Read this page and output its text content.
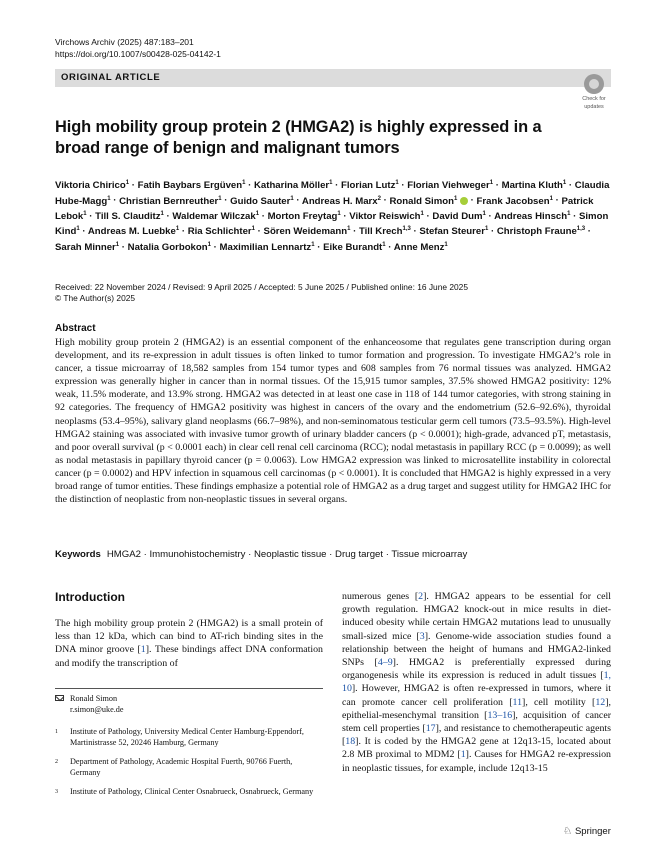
Virchows Archiv (2025) 487:183–201
https://doi.org/10.1007/s00428-025-04142-1
ORIGINAL ARTICLE
Check for
updates
High mobility group protein 2 (HMGA2) is highly expressed in a broad range of benign and malignant tumors
Viktoria Chirico$^1$ · Fatih Baybars Ergüven$^1$ · Katharina Möller$^1$ · Florian Lutz$^1$ · Florian Viehweger$^1$ · Martina Kluth$^1$ · Claudia Hube‑Magg$^1$ · Christian Bernreuther$^1$ · Guido Sauter$^1$ · Andreas H. Marx$^2$ · Ronald Simon$^1$  · Frank Jacobsen$^1$ · Patrick Lebok$^1$ · Till S. Clauditz$^1$ · Waldemar Wilczak$^1$ · Morton Freytag$^1$ · Viktor Reiswich$^1$ · David Dum$^1$ · Andreas Hinsch$^1$ · Simon Kind$^1$ · Andreas M. Luebke$^1$ · Ria Schlichter$^1$ · Sören Weidemann$^1$ · Till Krech$^{1,3}$ · Stefan Steurer$^1$ · Christoph Fraune$^{1,3}$ · Sarah Minner$^1$ · Natalia Gorbokon$^1$ · Maximilian Lennartz$^1$ · Eike Burandt$^1$ · Anne Menz$^1$
Received: 22 November 2024 / Revised: 9 April 2025 / Accepted: 5 June 2025 / Published online: 16 June 2025
© The Author(s) 2025
Abstract
High mobility group protein 2 (HMGA2) is an essential component of the enhanceosome that regulates gene transcription during organ development, and its re-expression in adult tissues is often linked to tumor formation and progression. To investigate HMGA2’s role in cancer, a tissue microarray of 18,582 samples from 154 tumor types and 608 samples from 76 normal tissues was analyzed. HMGA2 expression was generally higher in cancer than in normal tissues. Of the 15,915 tumor samples, 37.5% showed HMGA2 positivity: 12% weak, 11.5% moderate, and 13.9% strong. HMGA2 was detected in at least one case in 118 of 144 tumor categories, with strong staining in 92 categories. The frequency of HMGA2 positivity was highest in cancers of the ovary and the endometrium (52.6–92.6%), thyroidal neoplasms (53.4–95%), salivary gland neoplasms (66.7–98%), and non-seminomatous testicular germ cell tumors (73.5–93.5%). High-level HMGA2 staining was associated with invasive tumor growth of urinary bladder cancers (p < 0.0001); high-grade, advanced pT, metastasis, and poor overall survival (p < 0.0001 each) in clear cell renal cell carcinoma (RCC); nodal metastasis in papillary RCC (p = 0.0099); as well as nodal metastasis in papillary thyroid cancer (p = 0.0063). Low HMGA2 expression was linked to microsatellite instability in colorectal cancer (p = 0.0002) and HPV infection in squamous cell carcinomas (p < 0.0001). It is concluded that HMGA2 is highly expressed in a very broad range of tumor entities. These findings emphasize a potential role of HMGA2 as a drug target and suggest utility for HMGA2 IHC for the distinction of neoplastic from non-neoplastic tissues in several organs.
Keywords HMGA2 · Immunohistochemistry · Neoplastic tissue · Drug target · Tissue microarray
Introduction
The high mobility group protein 2 (HMGA2) is a small protein of less than 12 kDa, which can bind to AT-rich binding sites in the DNA minor groove [1]. These bindings affect DNA conformation and modify the transcription of
numerous genes [2]. HMGA2 appears to be essential for cell growth regulation. HMGA2 knock-out in mice results in diet-induced obesity while certain HMGA2 mutations lead to unusually small-sized mice [3]. Genome-wide association studies found a relationship between the height of humans and HMGA2-linked SNPs [4–9]. HMGA2 is preferentially expressed during organogenesis while its expression is reduced in adult tissues [1, 10]. However, HMGA2 is often re-expressed in tumors, where it can promote cancer cell proliferation [11], cell motility [12], epithelial-mesenchymal transition [13–16], acquisition of cancer stem cell properties [17], and resistance to chemotherapeutic agents [18]. It is coded by the HMGA2 gene at 12q13-15, located about 2.8 MB proximal to MDM2 [1]. Causes for HMGA2 re-expression in neoplastic tissues, for example, include 12q13-15
Ronald Simon
r.simon@uke.de
1 Institute of Pathology, University Medical Center Hamburg-Eppendorf, Martinistrasse 52, 20246 Hamburg, Germany
2 Department of Pathology, Academic Hospital Fuerth, 90766 Fuerth, Germany
3 Institute of Pathology, Clinical Center Osnabrueck, Osnabrueck, Germany
♘ Springer
